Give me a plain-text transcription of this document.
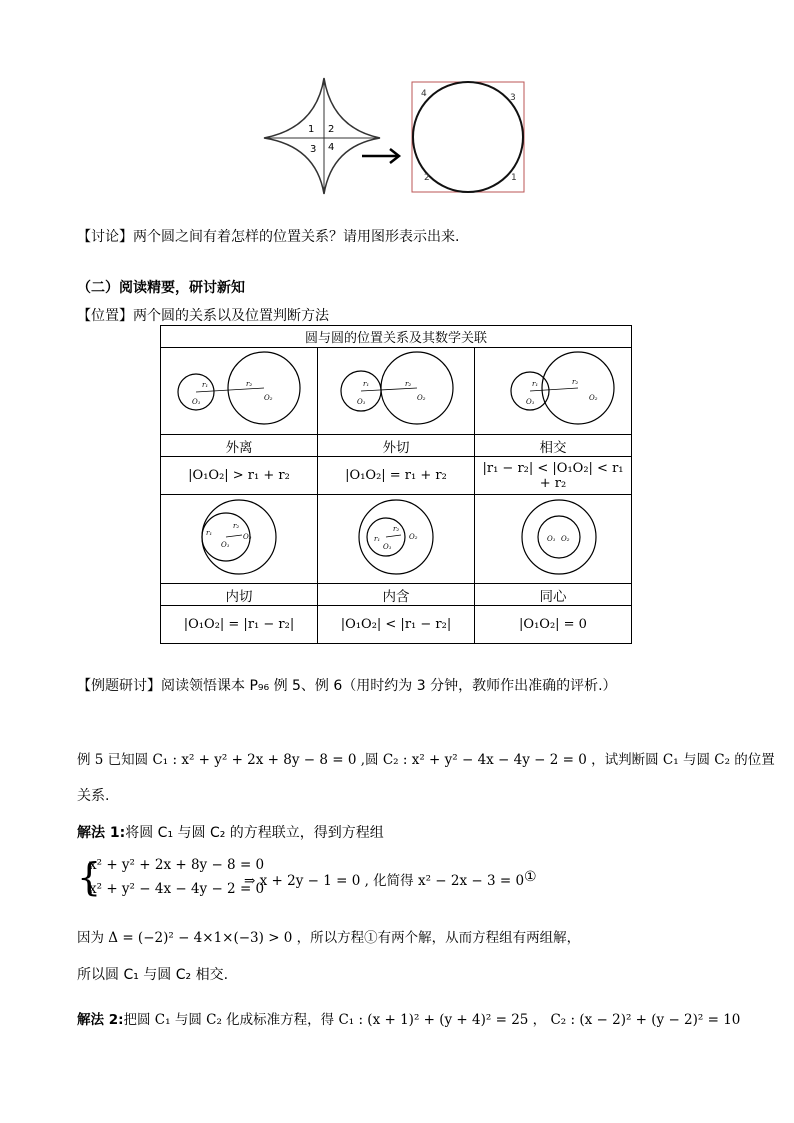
1 2
3 4
4	3
2	1
【讨论】两个圆之间有着怎样的位置关系？请用图形表示出来.
（二）阅读精要，研讨新知
【位置】两个圆的关系以及位置判断方法
圆与圆的位置关系及其数学关联		

r₁
O₁
r₂
O₂	r₁
O₁
r₂
O₂	r₁
O₁
r₂
O₂

外离	外切	相交
|O₁O₂| > r₁ + r₂	|O₁O₂| = r₁ + r₂	|r₁ − r₂| < |O₁O₂| < r₁ + r₂

r₁
r₂
O₁
O₂	r₁
r₂
O₁
O₂	O₁ O₂

内切	内含	同心
|O₁O₂| = |r₁ − r₂|	|O₁O₂| < |r₁ − r₂|	|O₁O₂| = 0
【例题研讨】阅读领悟课本 P₉₆ 例 5、例 6（用时约为 3 分钟，教师作出准确的评析.）
例 5 已知圆 C₁ : x² + y² + 2x + 8y − 8 = 0 ,圆 C₂ : x² + y² − 4x − 4y − 2 = 0 ，试判断圆 C₁ 与圆 C₂ 的位置
关系.
解法 1:将圆 C₁ 与圆 C₂ 的方程联立，得到方程组
{
x² + y² + 2x + 8y − 8 = 0
x² + y² − 4x − 4y − 2 = 0
⇒ x + 2y − 1 = 0 , 化简得 x² − 2x − 3 = 0 ①
因为 Δ = (−2)² − 4×1×(−3) > 0 ，所以方程①有两个解，从而方程组有两组解，
所以圆 C₁ 与圆 C₂ 相交.
解法 2:把圆 C₁ 与圆 C₂ 化成标准方程，得 C₁ : (x + 1)² + (y + 4)² = 25 ， C₂ : (x − 2)² + (y − 2)² = 10
